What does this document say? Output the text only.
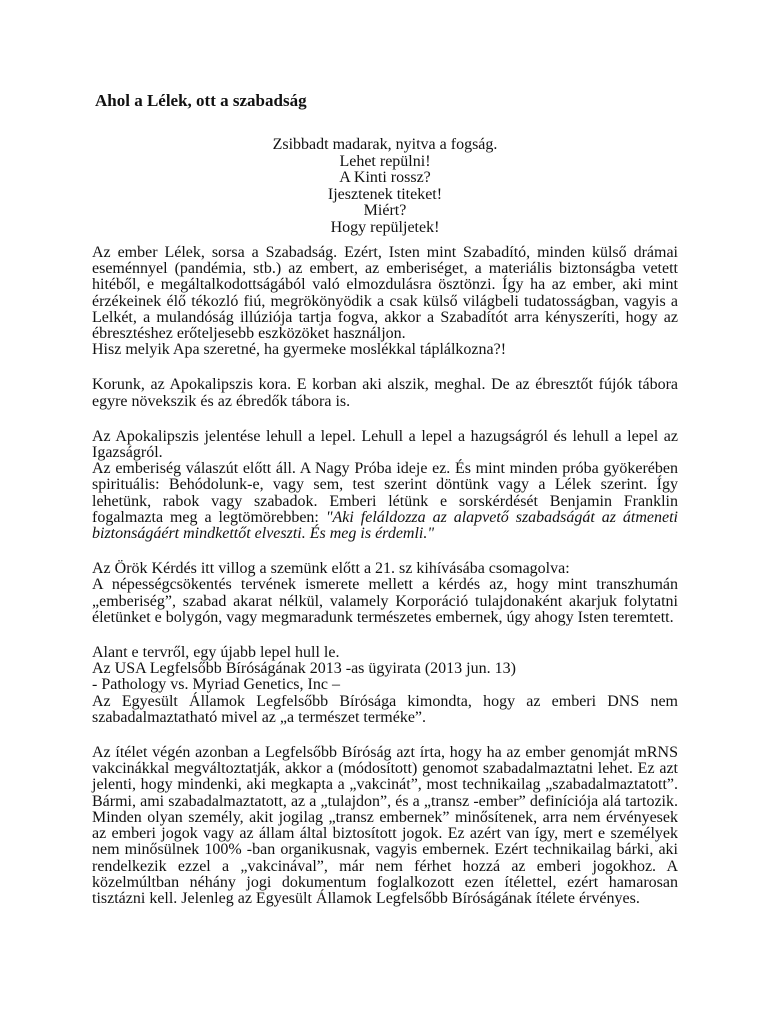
Ahol a Lélek, ott a szabadság
Zsibbadt madarak, nyitva a fogság.
Lehet repülni!
A Kinti rossz?
Ijesztenek titeket!
Miért?
Hogy repüljetek!

Az ember Lélek, sorsa a Szabadság. Ezért, Isten mint Szabadító, minden külső drámai eseménnyel (pandémia, stb.) az embert, az emberiséget, a materiális biztonságba vetett hitéből, e megáltalkodottságából való elmozdulásra ösztönzi. Így ha az ember, aki mint érzékeinek élő tékozló fiú, megrökönyödik a csak külső világbeli tudatosságban, vagyis a Lelkét, a mulandóság illúziója tartja fogva, akkor a Szabadítót arra kényszeríti, hogy az ébresztéshez erőteljesebb eszközöket használjon.
Hisz melyik Apa szeretné, ha gyermeke moslékkal táplálkozna?!

Korunk, az Apokalipszis kora. E korban aki alszik, meghal. De az ébresztőt fújók tábora egyre növekszik és az ébredők tábora is.

Az Apokalipszis jelentése lehull a lepel. Lehull a lepel a hazugságról és lehull a lepel az Igazságról.
Az emberiség válaszút előtt áll. A Nagy Próba ideje ez. És mint minden próba gyökerében spirituális: Behódolunk-e, vagy sem, test szerint döntünk vagy a Lélek szerint. Így lehetünk, rabok vagy szabadok. Emberi létünk e sorskérdését Benjamin Franklin fogalmazta meg a legtömörebben: "Aki feláldozza az alapvető szabadságát az átmeneti biztonságáért mindkettőt elveszti. És meg is érdemli."

Az Örök Kérdés itt villog a szemünk előtt a 21. sz kihívásába csomagolva:
A népességcsökentés tervének ismerete mellett a kérdés az, hogy mint transzhumán „emberiség”, szabad akarat nélkül, valamely Korporáció tulajdonaként akarjuk folytatni életünket e bolygón, vagy megmaradunk természetes embernek, úgy ahogy Isten teremtett.

Alant e tervről, egy újabb lepel hull le.
Az USA Legfelsőbb Bíróságának 2013 -as ügyirata (2013 jun. 13)
- Pathology vs. Myriad Genetics, Inc –
Az Egyesült Államok Legfelsőbb Bírósága kimondta, hogy az emberi DNS nem szabadalmaztatható mivel az „a természet terméke”.

Az ítélet végén azonban a Legfelsőbb Bíróság azt írta, hogy ha az ember genomját mRNS vakcinákkal megváltoztatják, akkor a (módosított) genomot szabadalmaztatni lehet. Ez azt jelenti, hogy mindenki, aki megkapta a „vakcinát”, most technikailag „szabadalmaztatott”. Bármi, ami szabadalmaztatott, az a „tulajdon”, és a „transz -ember” definíciója alá tartozik. Minden olyan személy, akit jogilag „transz embernek” minősítenek, arra nem érvényesek az emberi jogok vagy az állam által biztosított jogok. Ez azért van így, mert e személyek nem minősülnek 100% -ban organikusnak, vagyis embernek. Ezért technikailag bárki, aki rendelkezik ezzel a „vakcinával”, már nem férhet hozzá az emberi jogokhoz. A közelmúltban néhány jogi dokumentum foglalkozott ezen ítélettel, ezért hamarosan tisztázni kell. Jelenleg az Egyesült Államok Legfelsőbb Bíróságának ítélete érvényes.
